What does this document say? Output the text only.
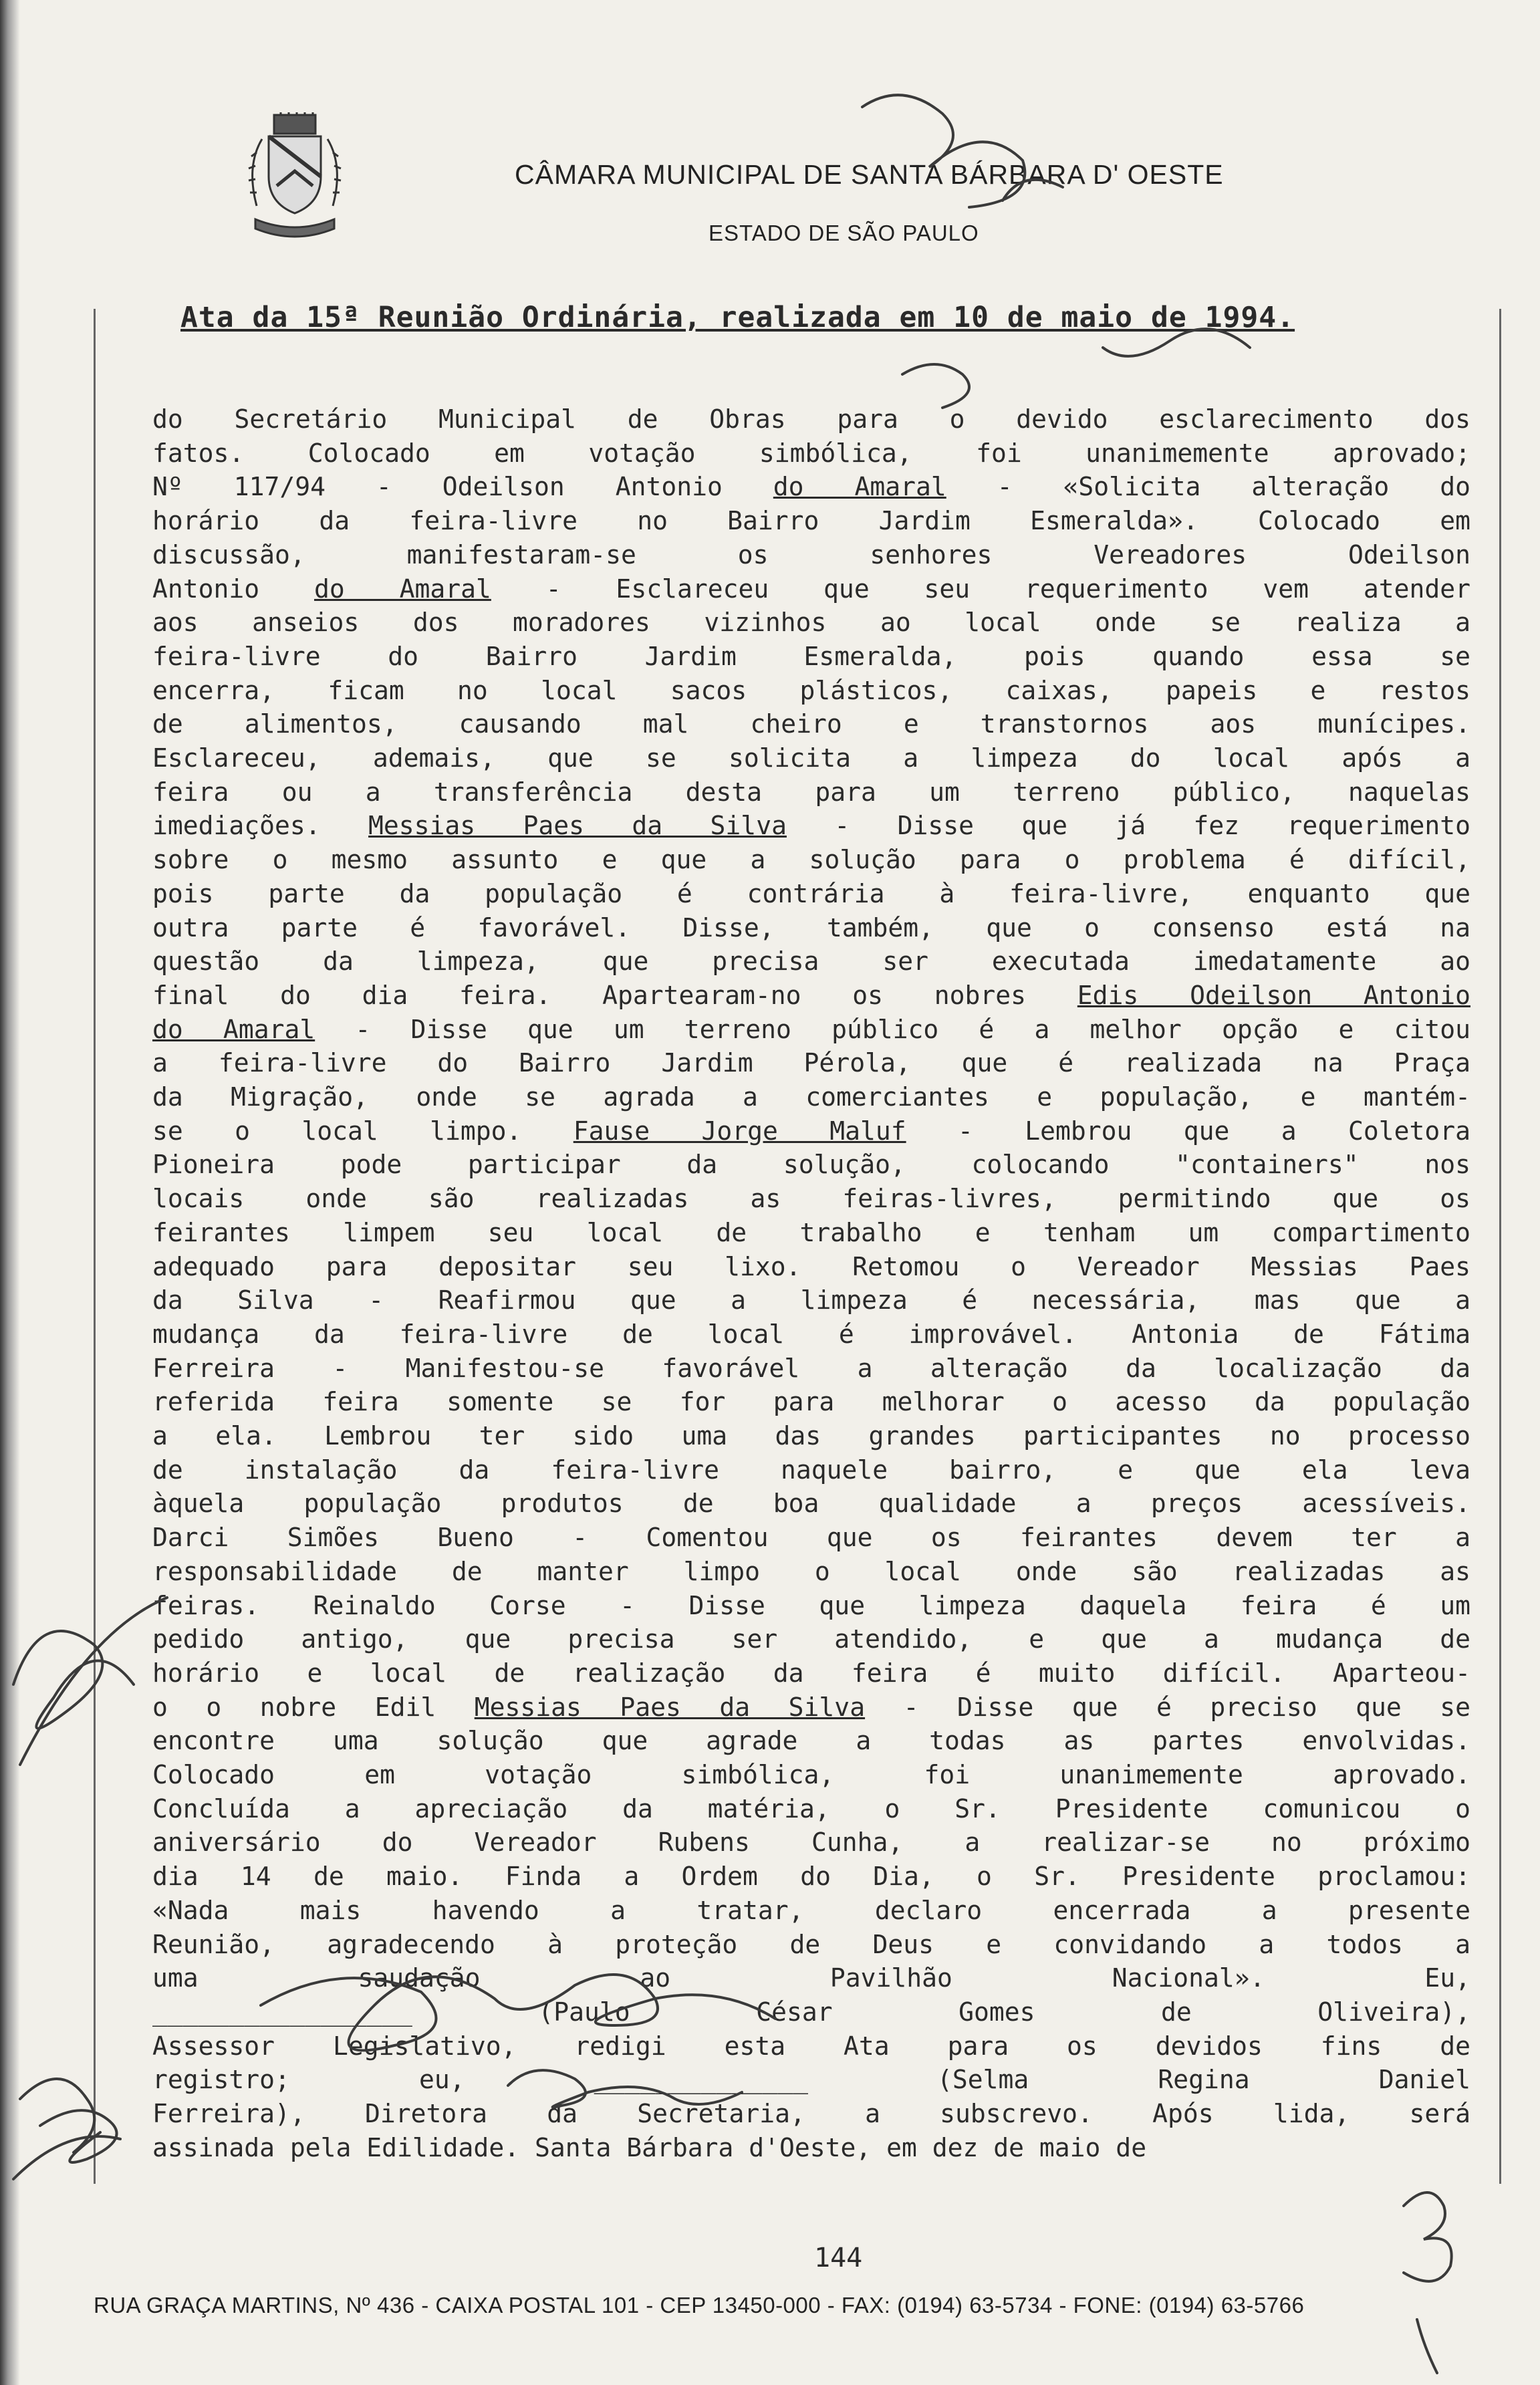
CÂMARA MUNICIPAL DE SANTA BÁRBARA D' OESTE
ESTADO DE SÃO PAULO
Ata da 15ª Reunião Ordinária, realizada em 10 de maio de 1994.
do Secretário Municipal de Obras para o devido esclarecimento dos
fatos. Colocado em votação simbólica, foi unanimemente aprovado;
Nº 117/94 - Odeilson Antonio do Amaral - «Solicita alteração do
horário da feira-livre no Bairro Jardim Esmeralda». Colocado em
discussão, manifestaram-se os senhores Vereadores Odeilson
Antonio do Amaral - Esclareceu que seu requerimento vem atender
aos anseios dos moradores vizinhos ao local onde se realiza a
feira-livre do Bairro Jardim Esmeralda, pois quando essa se
encerra, ficam no local sacos plásticos, caixas, papeis e restos
de alimentos, causando mal cheiro e transtornos aos munícipes.
Esclareceu, ademais, que se solicita a limpeza do local após a
feira ou a transferência desta para um terreno público, naquelas
imediações. Messias Paes da Silva - Disse que já fez requerimento
sobre o mesmo assunto e que a solução para o problema é difícil,
pois parte da população é contrária à feira-livre, enquanto que
outra parte é favorável. Disse, também, que o consenso está na
questão da limpeza, que precisa ser executada imedatamente ao
final do dia feira. Apartearam-no os nobres Edis Odeilson Antonio
do Amaral - Disse que um terreno público é a melhor opção e citou
a feira-livre do Bairro Jardim Pérola, que é realizada na Praça
da Migração, onde se agrada a comerciantes e população, e mantém-
se o local limpo. Fause Jorge Maluf - Lembrou que a Coletora
Pioneira pode participar da solução, colocando "containers" nos
locais onde são realizadas as feiras-livres, permitindo que os
feirantes limpem seu local de trabalho e tenham um compartimento
adequado para depositar seu lixo. Retomou o Vereador Messias Paes
da Silva - Reafirmou que a limpeza é necessária, mas que a
mudança da feira-livre de local é improvável. Antonia de Fátima
Ferreira - Manifestou-se favorável a alteração da localização da
referida feira somente se for para melhorar o acesso da população
a ela. Lembrou ter sido uma das grandes participantes no processo
de instalação da feira-livre naquele bairro, e que ela leva
àquela população produtos de boa qualidade a preços acessíveis.
Darci Simões Bueno - Comentou que os feirantes devem ter a
responsabilidade de manter limpo o local onde são realizadas as
feiras. Reinaldo Corse - Disse que limpeza daquela feira é um
pedido antigo, que precisa ser atendido, e que a mudança de
horário e local de realização da feira é muito difícil. Aparteou-
o o nobre Edil Messias Paes da Silva - Disse que é preciso que se
encontre uma solução que agrade a todas as partes envolvidas.
Colocado em votação simbólica, foi unanimemente aprovado.
Concluída a apreciação da matéria, o Sr. Presidente comunicou o
aniversário do Vereador Rubens Cunha, a realizar-se no próximo
dia 14 de maio. Finda a Ordem do Dia, o Sr. Presidente proclamou:
«Nada mais havendo a tratar, declaro encerrada a presente
Reunião, agradecendo à proteção de Deus e convidando a todos a
uma saudação ao Pavilhão Nacional». Eu,
_________________ (Paulo César Gomes de Oliveira),
Assessor Legislativo, redigi esta Ata para os devidos fins de
registro; eu, ______________ (Selma Regina Daniel
Ferreira), Diretora da Secretaria, a subscrevo. Após lida, será
assinada pela Edilidade. Santa Bárbara d'Oeste, em dez de maio de
144
RUA GRAÇA MARTINS, Nº 436 - CAIXA POSTAL 101 - CEP 13450-000 - FAX: (0194) 63-5734 - FONE: (0194) 63-5766
